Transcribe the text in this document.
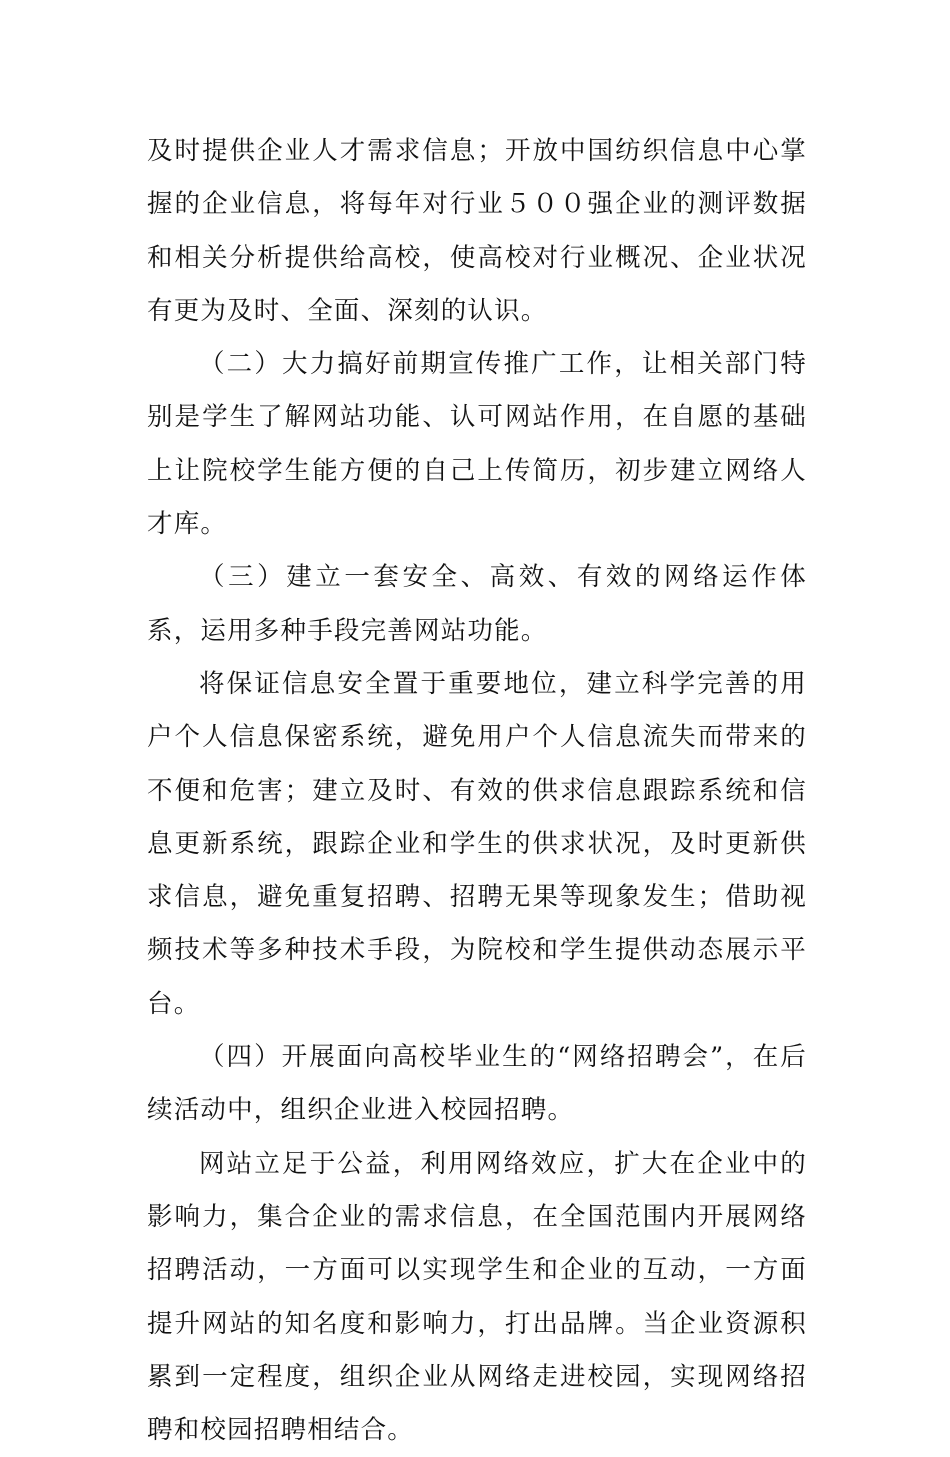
及时提供企业人才需求信息；开放中国纺织信息中心掌握的企业信息，将每年对行业５００强企业的测评数据和相关分析提供给高校，使高校对行业概况、企业状况有更为及时、全面、深刻的认识。

（二）大力搞好前期宣传推广工作，让相关部门特别是学生了解网站功能、认可网站作用，在自愿的基础上让院校学生能方便的自己上传简历，初步建立网络人才库。

（三）建立一套安全、高效、有效的网络运作体系，运用多种手段完善网站功能。

将保证信息安全置于重要地位，建立科学完善的用户个人信息保密系统，避免用户个人信息流失而带来的不便和危害；建立及时、有效的供求信息跟踪系统和信息更新系统，跟踪企业和学生的供求状况，及时更新供求信息，避免重复招聘、招聘无果等现象发生；借助视频技术等多种技术手段，为院校和学生提供动态展示平台。

（四）开展面向高校毕业生的“网络招聘会”，在后续活动中，组织企业进入校园招聘。

网站立足于公益，利用网络效应，扩大在企业中的影响力，集合企业的需求信息，在全国范围内开展网络招聘活动，一方面可以实现学生和企业的互动，一方面提升网站的知名度和影响力，打出品牌。当企业资源积累到一定程度，组织企业从网络走进校园，实现网络招聘和校园招聘相结合。
